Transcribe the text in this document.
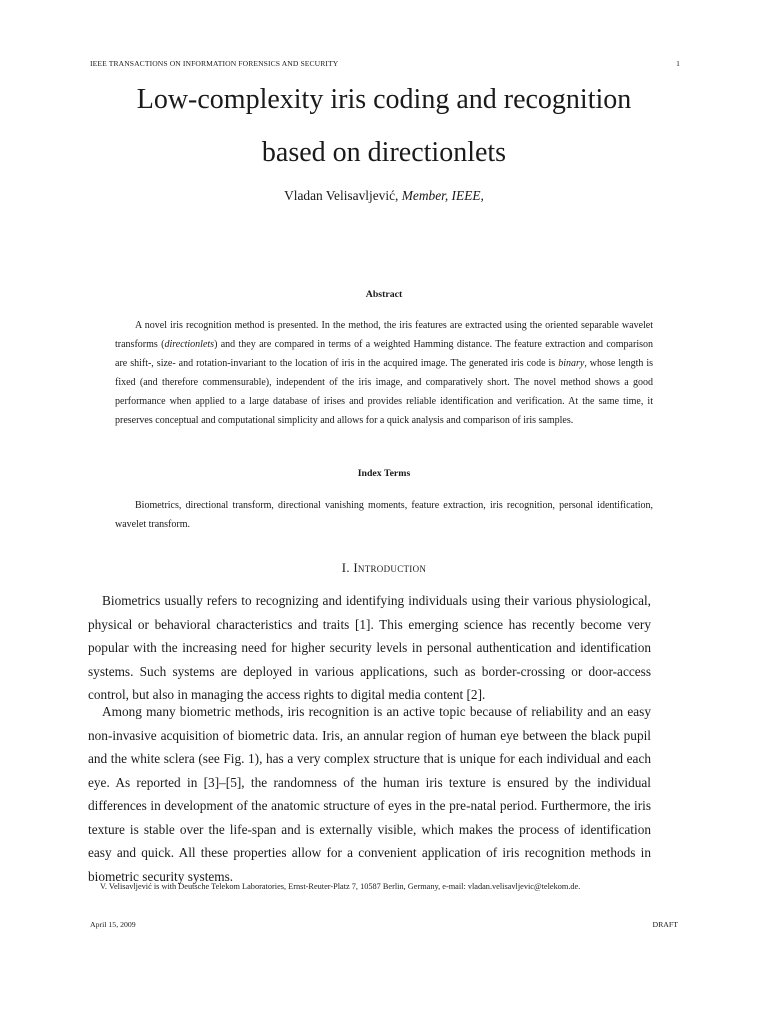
IEEE TRANSACTIONS ON INFORMATION FORENSICS AND SECURITY	1
Low-complexity iris coding and recognition
based on directionlets
Vladan Velisavljević, Member, IEEE,
Abstract
A novel iris recognition method is presented. In the method, the iris features are extracted using the oriented separable wavelet transforms (directionlets) and they are compared in terms of a weighted Hamming distance. The feature extraction and comparison are shift-, size- and rotation-invariant to the location of iris in the acquired image. The generated iris code is binary, whose length is fixed (and therefore commensurable), independent of the iris image, and comparatively short. The novel method shows a good performance when applied to a large database of irises and provides reliable identification and verification. At the same time, it preserves conceptual and computational simplicity and allows for a quick analysis and comparison of iris samples.
Index Terms
Biometrics, directional transform, directional vanishing moments, feature extraction, iris recognition, personal identification, wavelet transform.
I. Introduction

Biometrics usually refers to recognizing and identifying individuals using their various physiological, physical or behavioral characteristics and traits [1]. This emerging science has recently become very popular with the increasing need for higher security levels in personal authentication and identification systems. Such systems are deployed in various applications, such as border-crossing or door-access control, but also in managing the access rights to digital media content [2].

Among many biometric methods, iris recognition is an active topic because of reliability and an easy non-invasive acquisition of biometric data. Iris, an annular region of human eye between the black pupil and the white sclera (see Fig. 1), has a very complex structure that is unique for each individual and each eye. As reported in [3]–[5], the randomness of the human iris texture is ensured by the individual differences in development of the anatomic structure of eyes in the pre-natal period. Furthermore, the iris texture is stable over the life-span and is externally visible, which makes the process of identification easy and quick. All these properties allow for a convenient application of iris recognition methods in biometric security systems.

V. Velisavljević is with Deutsche Telekom Laboratories, Ernst-Reuter-Platz 7, 10587 Berlin, Germany, e-mail: vladan.velisavljevic@telekom.de.
April 15, 2009	DRAFT
